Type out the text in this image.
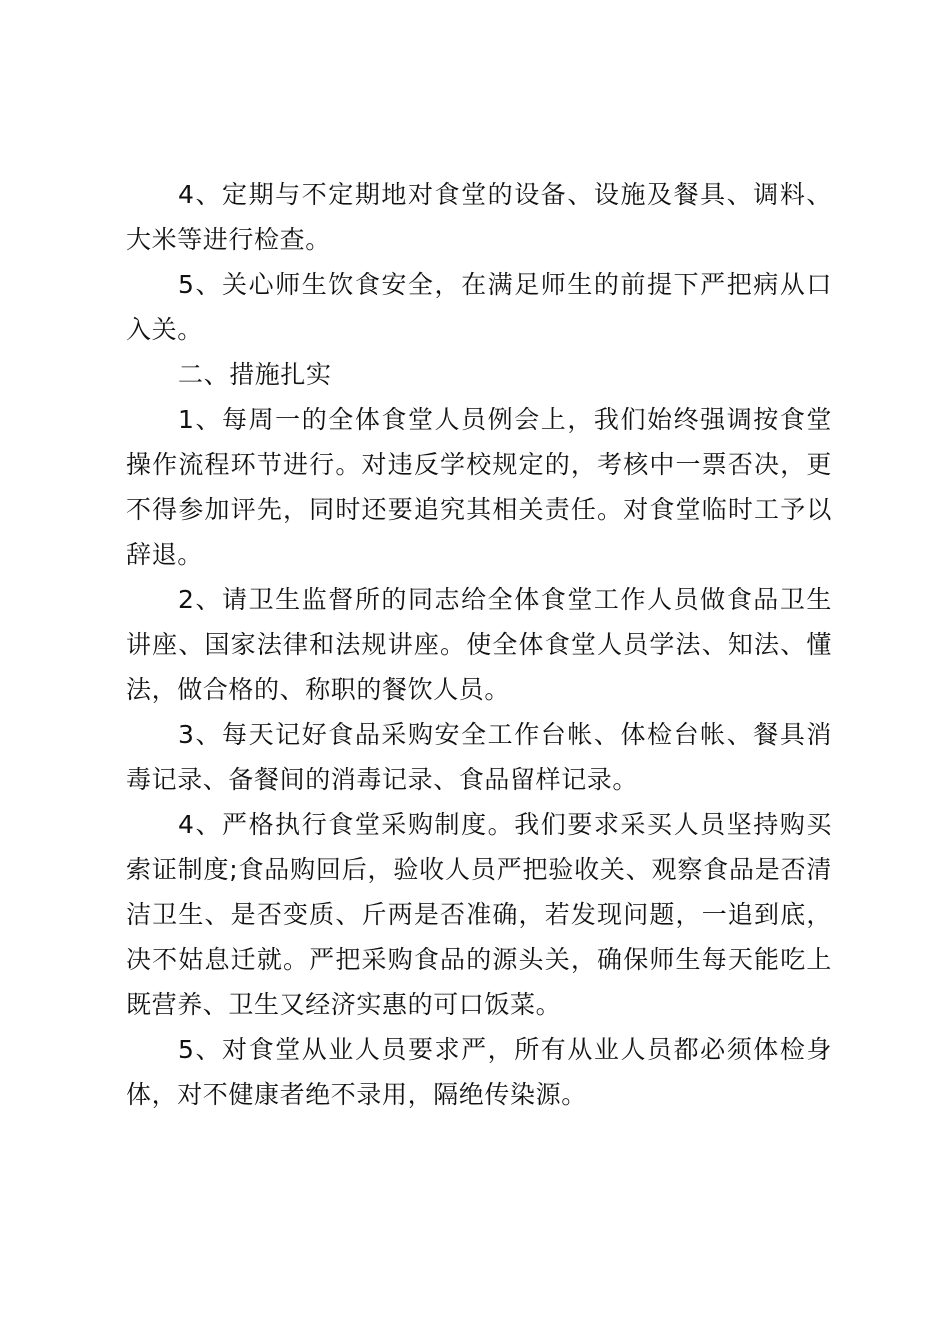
4、定期与不定期地对食堂的设备、设施及餐具、调料、大米等进行检查。

5、关心师生饮食安全，在满足师生的前提下严把病从口入关。

二、措施扎实

1、每周一的全体食堂人员例会上，我们始终强调按食堂操作流程环节进行。对违反学校规定的，考核中一票否决，更不得参加评先，同时还要追究其相关责任。对食堂临时工予以辞退。

2、请卫生监督所的同志给全体食堂工作人员做食品卫生讲座、国家法律和法规讲座。使全体食堂人员学法、知法、懂法，做合格的、称职的餐饮人员。

3、每天记好食品采购安全工作台帐、体检台帐、餐具消毒记录、备餐间的消毒记录、食品留样记录。

4、严格执行食堂采购制度。我们要求采买人员坚持购买索证制度;食品购回后，验收人员严把验收关、观察食品是否清洁卫生、是否变质、斤两是否准确，若发现问题，一追到底，决不姑息迁就。严把采购食品的源头关，确保师生每天能吃上既营养、卫生又经济实惠的可口饭菜。

5、对食堂从业人员要求严，所有从业人员都必须体检身体，对不健康者绝不录用，隔绝传染源。
